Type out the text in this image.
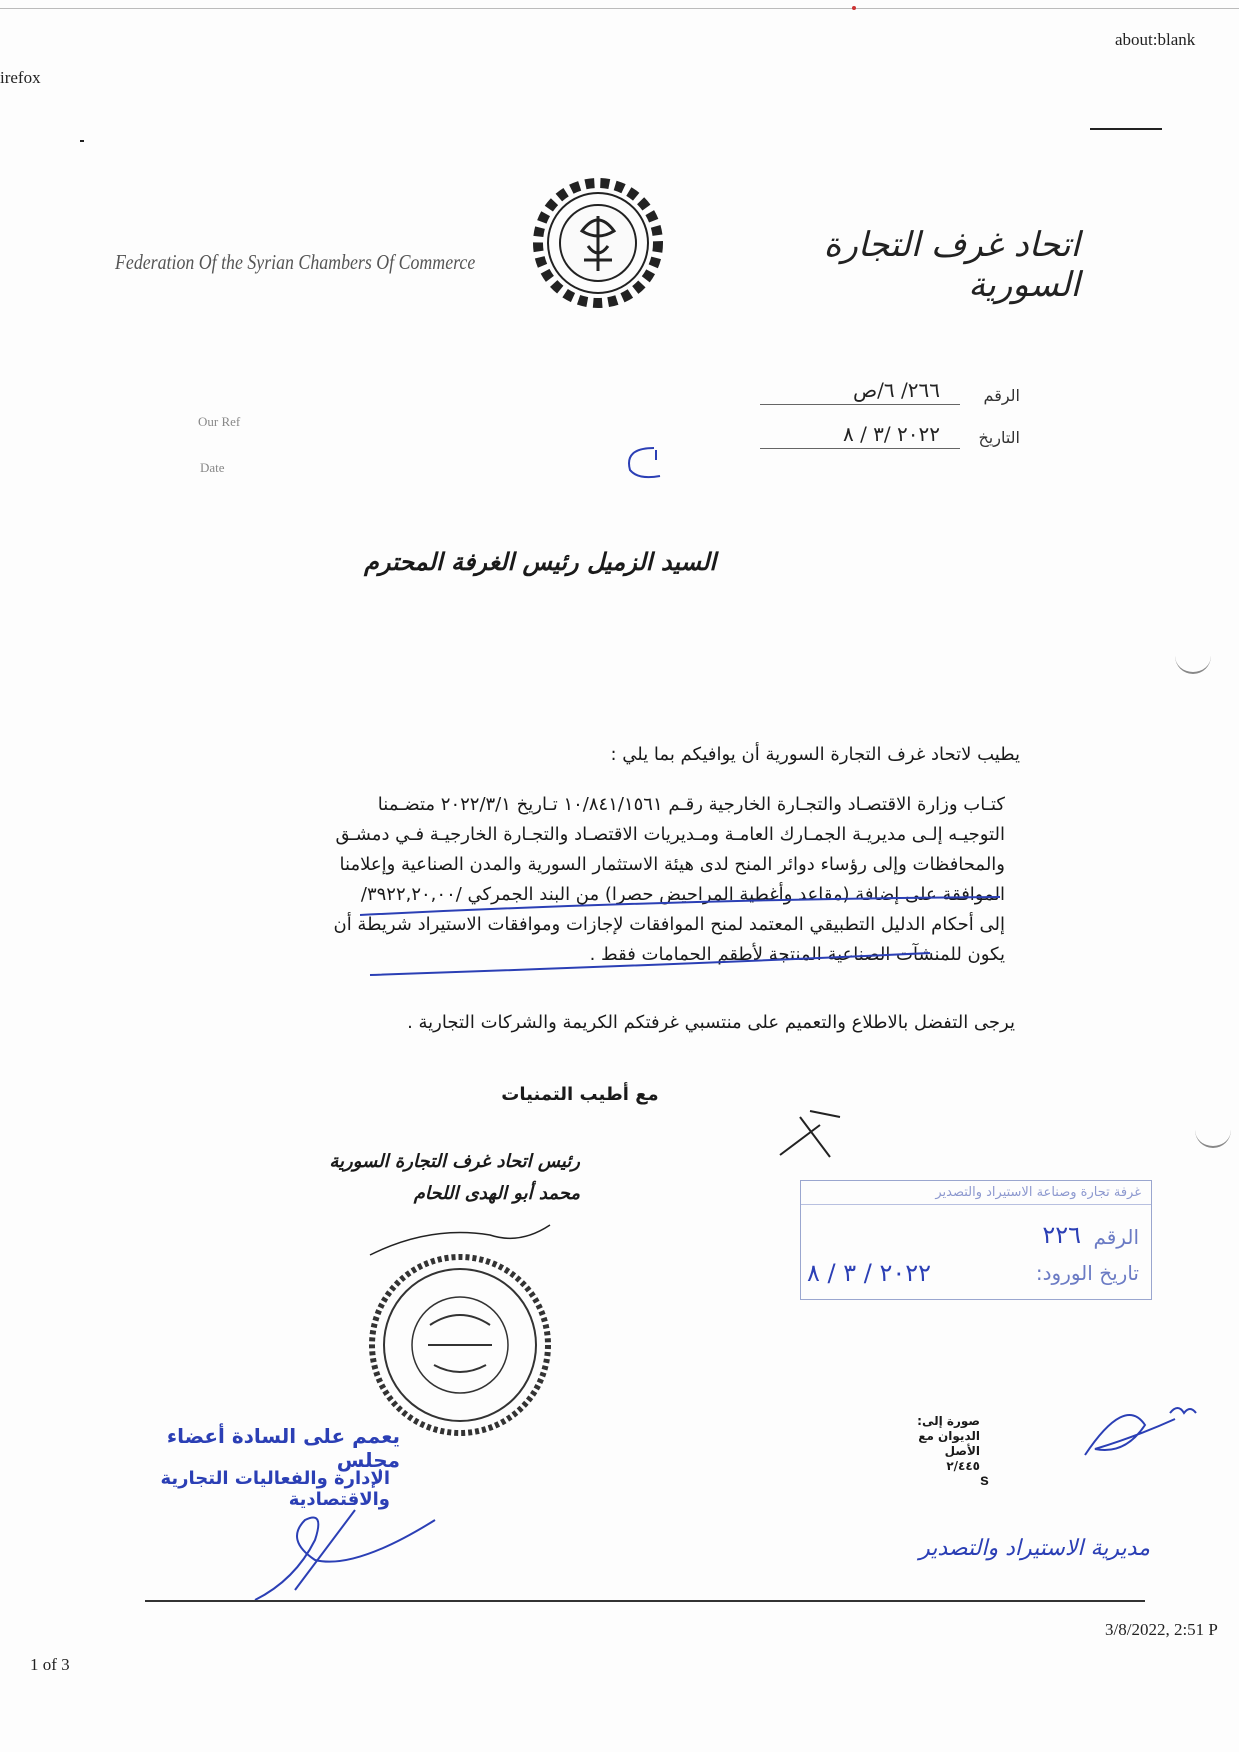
about:blank
irefox
1 of 3
3/8/2022, 2:51 P
Federation Of the Syrian Chambers Of Commerce	اتحاد غرف التجارة السورية
Our Ref
Date
الرقم
٢٦٦/ ٦/ص
التاريخ
٢٠٢٢ /٣ / ٨
السيد الزميل رئيس الغرفة المحترم
يطيب لاتحاد غرف التجارة السورية أن يوافيكم بما يلي :
كتـاب وزارة الاقتصـاد والتجـارة الخارجية رقـم ١٠/٨٤١/١٥٦١ تـاريخ ٢٠٢٢/٣/١ متضـمنا
التوجيـه إلـى مديريـة الجمـارك العامـة ومـديريات الاقتصـاد والتجـارة الخارجيـة فـي دمشـق
والمحافظات وإلى رؤساء دوائر المنح لدى هيئة الاستثمار السورية والمدن الصناعية وإعلامنا
الموافقة على إضافة (مقاعد وأغطية المراحيض حصرا) من البند الجمركي /٣٩٢٢,٢٠,٠٠/
إلى أحكام الدليل التطبيقي المعتمد لمنح الموافقات لإجازات وموافقات الاستيراد شريطة أن
يكون للمنشآت الصناعية المنتجة لأطقم الحمامات فقط .
يرجى التفضل بالاطلاع والتعميم على منتسبي غرفتكم الكريمة والشركات التجارية .
مع أطيب التمنيات
رئيس اتحاد غرف التجارة السورية
محمد أبو الهدى اللحام	غرفة تجارة وصناعة الاستيراد والتصدير
الرقم
٢٢٦
تاريخ الورود:
٢٠٢٢ / ٣ / ٨
صورة إلى:
الديوان مع الأصل
٢/٤٤٥
s
يعمم على السادة أعضاء مجلس
الإدارة والفعاليات التجارية والاقتصادية
مديرية الاستيراد والتصدير
